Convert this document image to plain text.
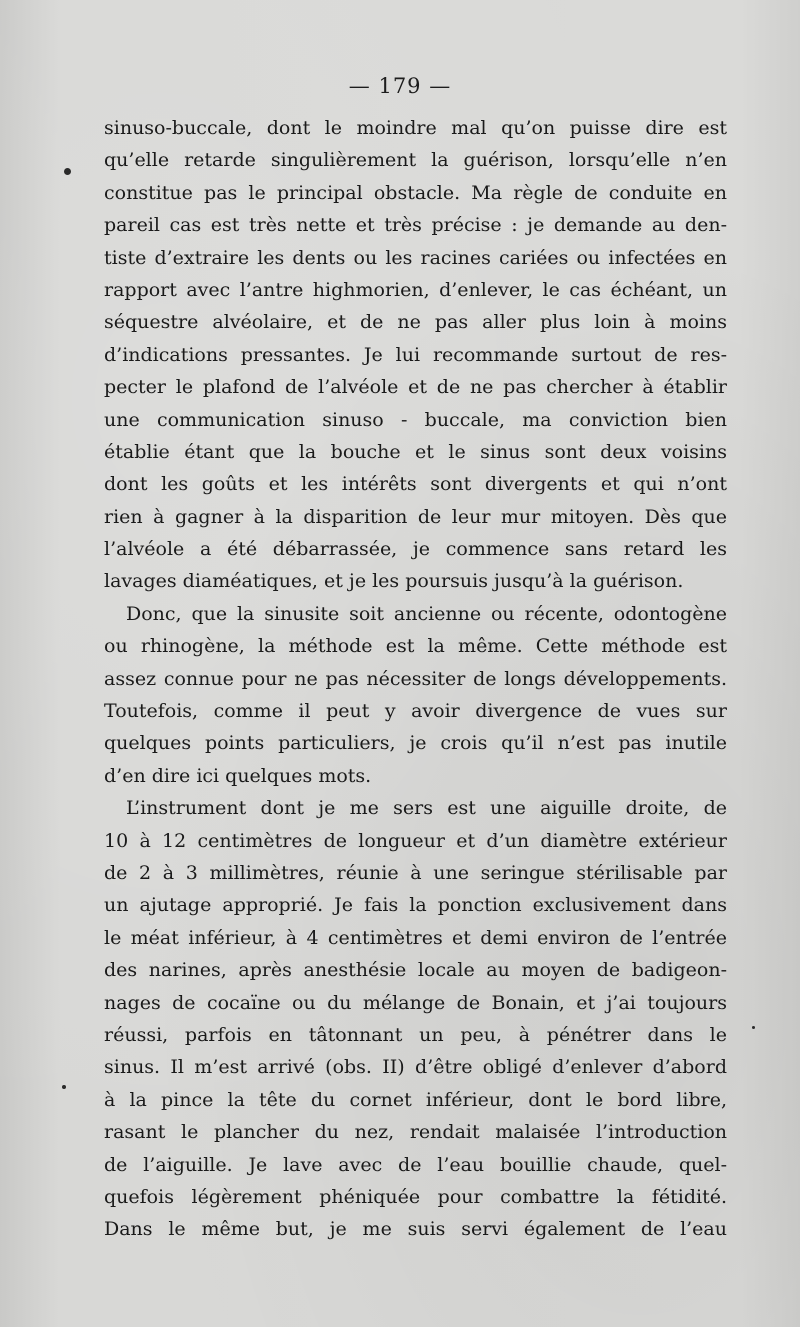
— 179 —
sinuso-buccale, dont le moindre mal qu’on puisse dire est
qu’elle retarde singulièrement la guérison, lorsqu’elle n’en
constitue pas le principal obstacle. Ma règle de conduite en
pareil cas est très nette et très précise : je demande au den-
tiste d’extraire les dents ou les racines cariées ou infectées en
rapport avec l’antre highmorien, d’enlever, le cas échéant, un
séquestre alvéolaire, et de ne pas aller plus loin à moins
d’indications pressantes. Je lui recommande surtout de res-
pecter le plafond de l’alvéole et de ne pas chercher à établir
une communication sinuso - buccale, ma conviction bien
établie étant que la bouche et le sinus sont deux voisins
dont les goûts et les intérêts sont divergents et qui n’ont
rien à gagner à la disparition de leur mur mitoyen. Dès que
l’alvéole a été débarrassée, je commence sans retard les
lavages diaméatiques, et je les poursuis jusqu’à la guérison.
Donc, que la sinusite soit ancienne ou récente, odontogène
ou rhinogène, la méthode est la même. Cette méthode est
assez connue pour ne pas nécessiter de longs développements.
Toutefois, comme il peut y avoir divergence de vues sur
quelques points particuliers, je crois qu’il n’est pas inutile
d’en dire ici quelques mots.
L’instrument dont je me sers est une aiguille droite, de
10 à 12 centimètres de longueur et d’un diamètre extérieur
de 2 à 3 millimètres, réunie à une seringue stérilisable par
un ajutage approprié. Je fais la ponction exclusivement dans
le méat inférieur, à 4 centimètres et demi environ de l’entrée
des narines, après anesthésie locale au moyen de badigeon-
nages de cocaïne ou du mélange de Bonain, et j’ai toujours
réussi, parfois en tâtonnant un peu, à pénétrer dans le
sinus. Il m’est arrivé (obs. II) d’être obligé d’enlever d’abord
à la pince la tête du cornet inférieur, dont le bord libre,
rasant le plancher du nez, rendait malaisée l’introduction
de l’aiguille. Je lave avec de l’eau bouillie chaude, quel-
quefois légèrement phéniquée pour combattre la fétidité.
Dans le même but, je me suis servi également de l’eau
